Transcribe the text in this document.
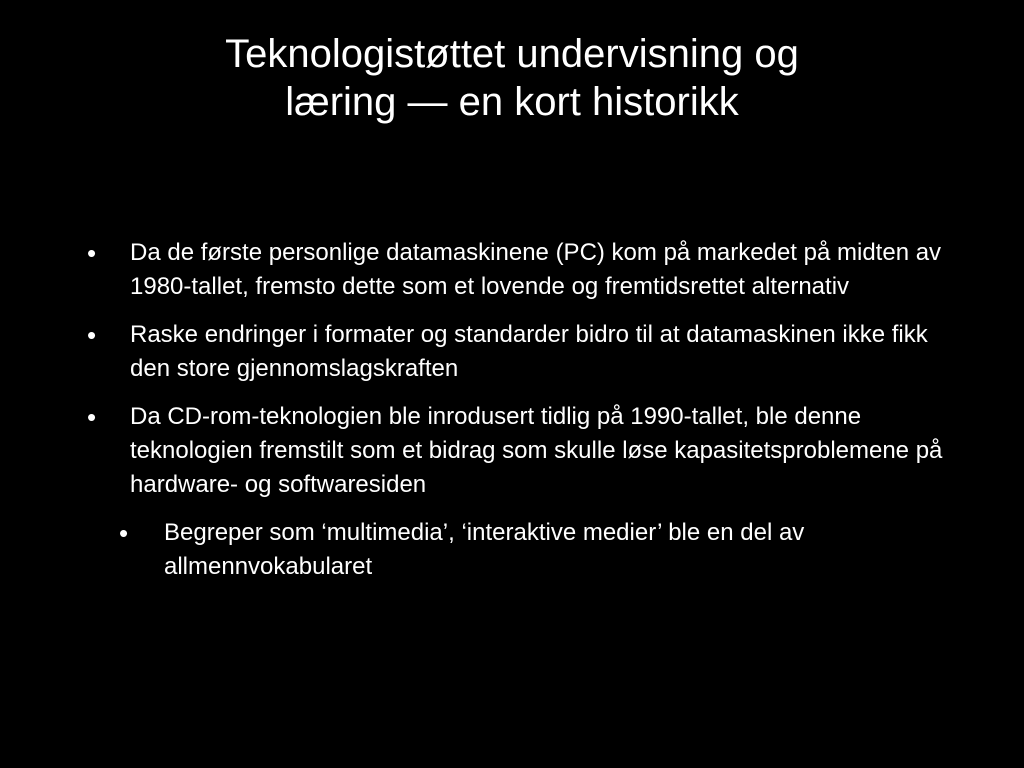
Teknologistøttet undervisning og
læring — en kort historikk
• Da de første personlige datamaskinene (PC) kom på markedet på midten av 1980-tallet, fremsto dette som et lovende og fremtidsrettet alternativ
• Raske endringer i formater og standarder bidro til at datamaskinen ikke fikk den store gjennomslagskraften
• Da CD-rom-teknologien ble inrodusert tidlig på 1990-tallet, ble denne teknologien fremstilt som et bidrag som skulle løse kapasitetsproblemene på hardware- og softwaresiden
• Begreper som ‘multimedia’, ‘interaktive medier’ ble en del av allmennvokabularet
